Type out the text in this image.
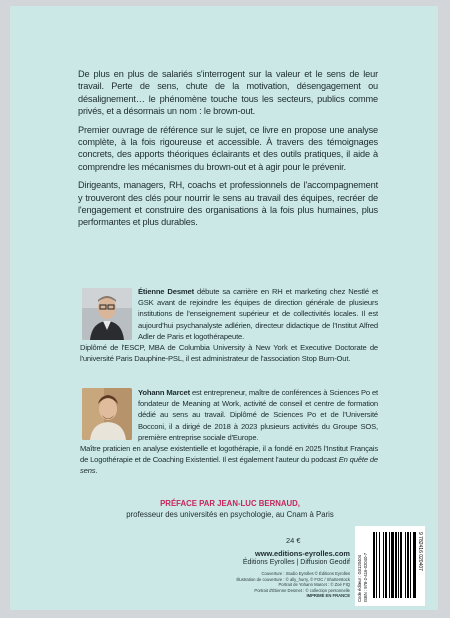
De plus en plus de salariés s'interrogent sur la valeur et le sens de leur travail. Perte de sens, chute de la motivation, désengagement ou désalignement… le phénomène touche tous les secteurs, publics comme privés, et a désormais un nom : le brown-out.

Premier ouvrage de référence sur le sujet, ce livre en propose une analyse complète, à la fois rigoureuse et accessible. À travers des témoignages concrets, des apports théoriques éclairants et des outils pratiques, il aide à comprendre les mécanismes du brown-out et à agir pour le prévenir.

Dirigeants, managers, RH, coachs et professionnels de l'accompagnement y trouveront des clés pour nourrir le sens au travail des équipes, recréer de l'engagement et construire des organisations à la fois plus humaines, plus performantes et plus durables.

Étienne Desmet débute sa carrière en RH et marketing chez Nestlé et GSK avant de rejoindre les équipes de direction générale de plusieurs institutions de l'enseignement supérieur et de collectivités locales. Il est aujourd'hui psychanalyste adlérien, directeur didactique de l'Institut Alfred Adler de Paris et logothérapeute.
Diplômé de l'ESCP, MBA de Columbia University à New York et Executive Doctorate de l'université Paris Dauphine-PSL, il est administrateur de l'association Stop Burn-Out.
Yohann Marcet est entrepreneur, maître de conférences à Sciences Po et fondateur de Meaning at Work, activité de conseil et centre de formation dédié au sens au travail. Diplômé de Sciences Po et de l'Université Bocconi, il a dirigé de 2018 à 2023 plusieurs activités du Groupe SOS, première entreprise sociale d'Europe.
Maître praticien en analyse existentielle et logothérapie, il a fondé en 2025 l'Institut Français de Logothérapie et de Coaching Existentiel. Il est également l'auteur du podcast En quête de sens.
PRÉFACE PAR JEAN-LUC BERNAUD,
professeur des universités en psychologie, au Cnam à Paris
24 €
www.editions-eyrolles.com
Éditions Eyrolles | Diffusion Geodif
Couverture : Studio Eyrolles © Éditions Eyrolles
Illustration de couverture : © ally_hurry, © FOC / Shutterstock
Portrait de Yohann Marcet : © Zoé FIQ
Portrait d'Étienne Desmet : © collection personnelle
IMPRIMÉ EN FRANCE Code éditeur : G0120404 ISBN : 978-2-416-02040-7
9 782416 020407
